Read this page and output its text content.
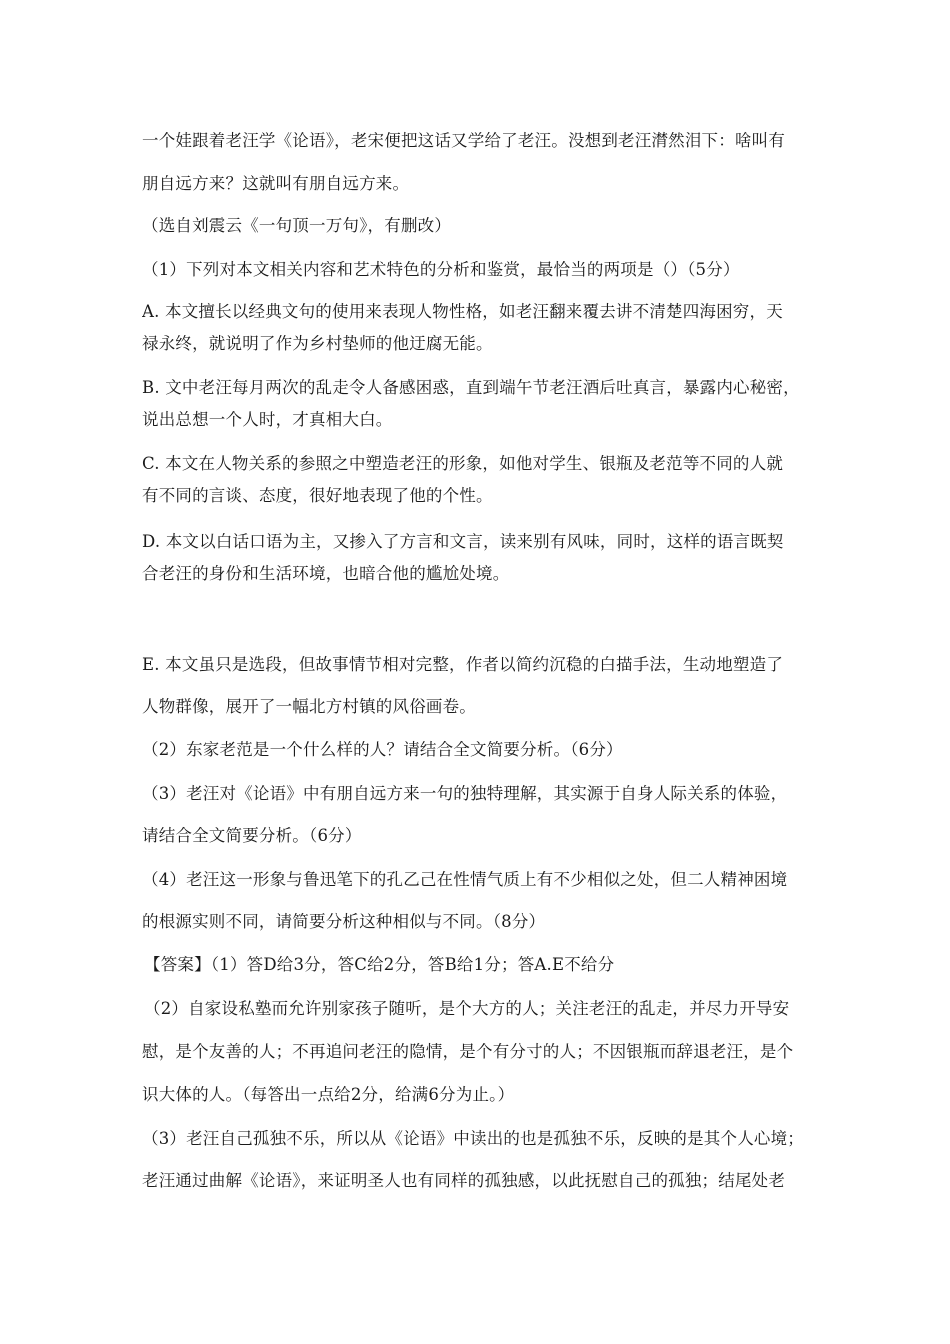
一个娃跟着老汪学《论语》，老宋便把这话又学给了老汪。没想到老汪潸然泪下：啥叫有
朋自远方来？这就叫有朋自远方来。
（选自刘震云《一句顶一万句》，有删改）
（1）下列对本文相关内容和艺术特色的分析和鉴赏，最恰当的两项是（）（5分）
A. 本文擅长以经典文句的使用来表现人物性格，如老汪翻来覆去讲不清楚四海困穷，天
禄永终，就说明了作为乡村垫师的他迂腐无能。
B. 文中老汪每月两次的乱走令人备感困惑，直到端午节老汪酒后吐真言，暴露内心秘密，
说出总想一个人时，才真相大白。
C. 本文在人物关系的参照之中塑造老汪的形象，如他对学生、银瓶及老范等不同的人就
有不同的言谈、态度，很好地表现了他的个性。
D. 本文以白话口语为主，又掺入了方言和文言，读来别有风味，同时，这样的语言既契
合老汪的身份和生活环境，也暗合他的尴尬处境。
E. 本文虽只是选段，但故事情节相对完整，作者以简约沉稳的白描手法，生动地塑造了
人物群像，展开了一幅北方村镇的风俗画卷。
（2）东家老范是一个什么样的人？请结合全文简要分析。（6分）
（3）老汪对《论语》中有朋自远方来一句的独特理解，其实源于自身人际关系的体验，
请结合全文简要分析。（6分）
（4）老汪这一形象与鲁迅笔下的孔乙己在性情气质上有不少相似之处，但二人精神困境
的根源实则不同，请简要分析这种相似与不同。（8分）
【答案】（1）答D给3分，答C给2分，答B给1分；答A.E不给分
（2）自家设私塾而允许别家孩子随听，是个大方的人；关注老汪的乱走，并尽力开导安
慰，是个友善的人；不再追问老汪的隐情，是个有分寸的人；不因银瓶而辞退老汪，是个
识大体的人。（每答出一点给2分，给满6分为止。）
（3）老汪自己孤独不乐，所以从《论语》中读出的也是孤独不乐，反映的是其个人心境；
老汪通过曲解《论语》，来证明圣人也有同样的孤独感，以此抚慰自己的孤独；结尾处老
